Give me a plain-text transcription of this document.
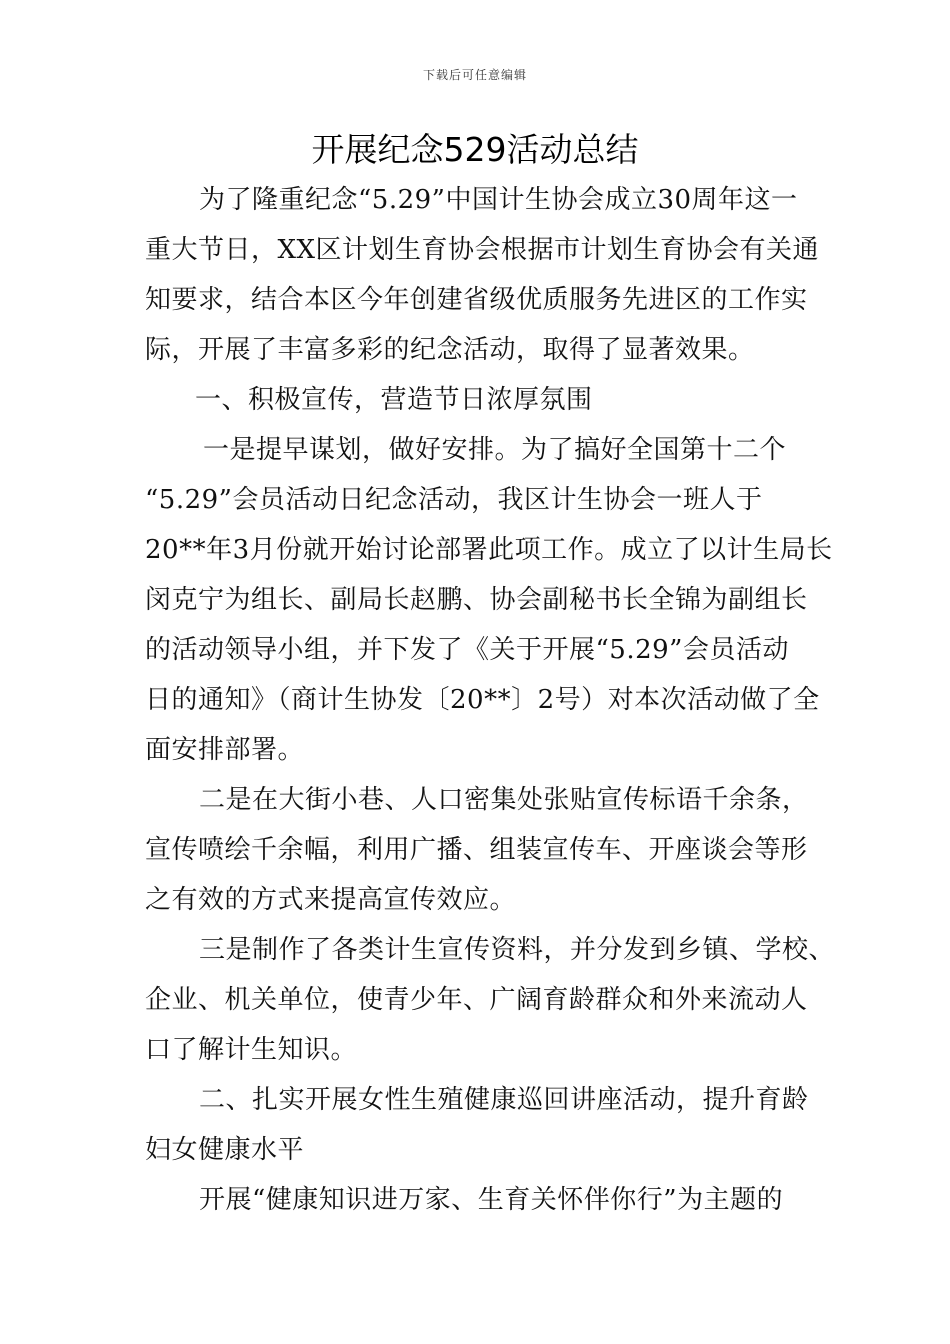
下载后可任意编辑
开展纪念529活动总结
为了隆重纪念“5.29”中国计生协会成立30周年这一
重大节日，XX区计划生育协会根据市计划生育协会有关通
知要求，结合本区今年创建省级优质服务先进区的工作实
际，开展了丰富多彩的纪念活动，取得了显著效果。
一、积极宣传，营造节日浓厚氛围
一是提早谋划，做好安排。为了搞好全国第十二个
“5.29”会员活动日纪念活动，我区计生协会一班人于
20**年3月份就开始讨论部署此项工作。成立了以计生局长
闵克宁为组长、副局长赵鹏、协会副秘书长全锦为副组长
的活动领导小组，并下发了《关于开展“5.29”会员活动
日的通知》（商计生协发〔20**〕2号）对本次活动做了全
面安排部署。
二是在大街小巷、人口密集处张贴宣传标语千余条，
宣传喷绘千余幅，利用广播、组装宣传车、开座谈会等形
之有效的方式来提高宣传效应。
三是制作了各类计生宣传资料，并分发到乡镇、学校、
企业、机关单位，使青少年、广阔育龄群众和外来流动人
口了解计生知识。
二、扎实开展女性生殖健康巡回讲座活动，提升育龄
妇女健康水平
开展“健康知识进万家、生育关怀伴你行”为主题的
